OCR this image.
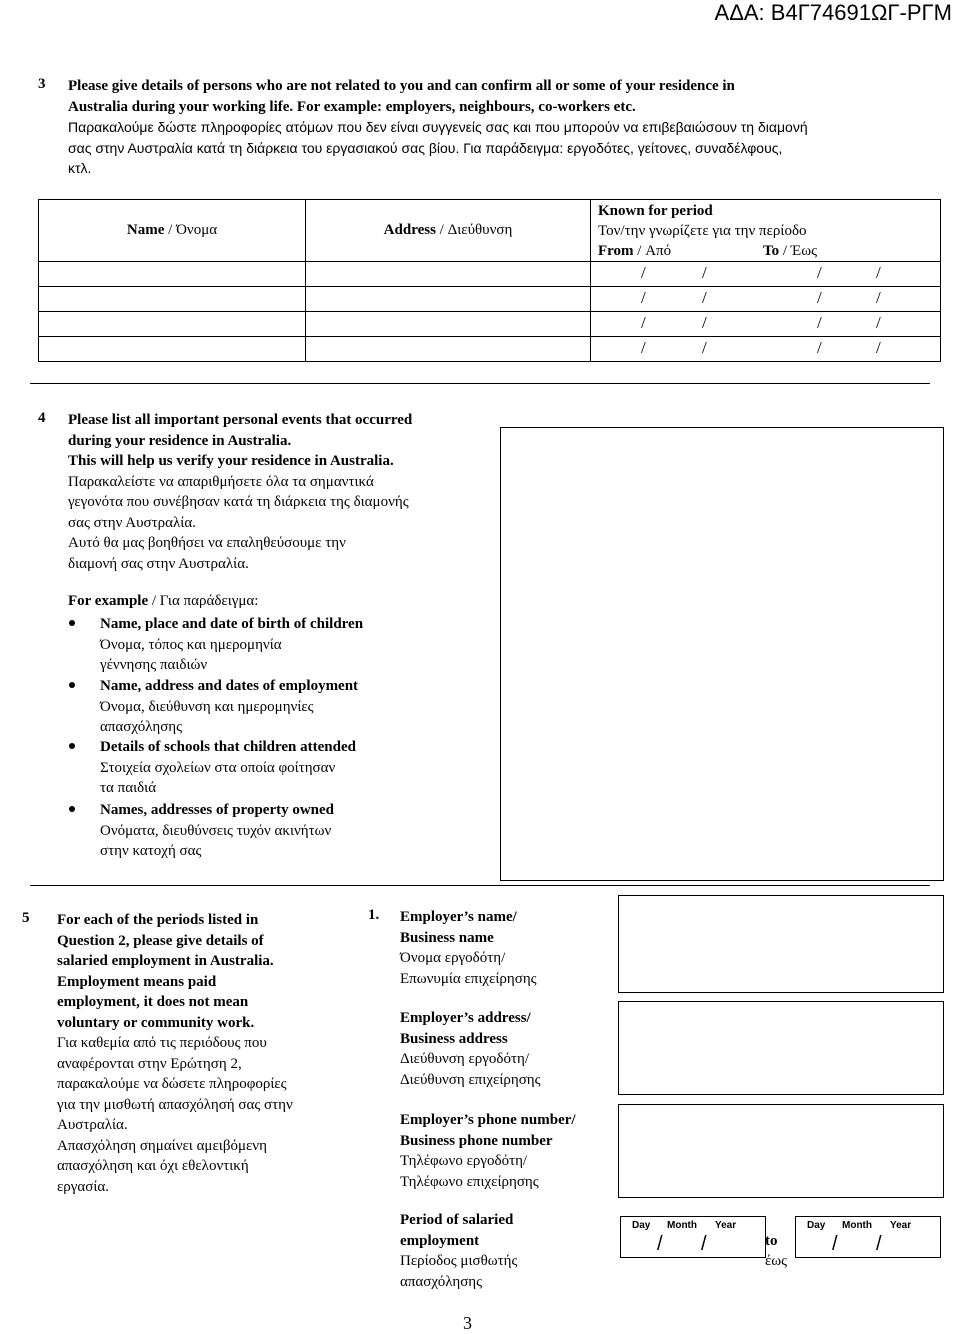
ΑΔΑ: Β4Γ74691ΩΓ-ΡΓΜ
3 Please give details of persons who are not related to you and can confirm all or some of your residence in
Australia during your working life. For example: employers, neighbours, co-workers etc.
Παρακαλούμε δώστε πληροφορίες ατόμων που δεν είναι συγγενείς σας και που μπορούν να επιβεβαιώσουν τη διαμονή
σας στην Αυστραλία κατά τη διάρκεια του εργασιακού σας βίου. Για παράδειγμα: εργοδότες, γείτονες, συναδέλφους,
κτλ.
Name / Όνομα	Address / Διεύθυνση	Known for period
Τον/την γνωρίζετε για την περίοδο
From / Από To / Έως

		/ / / /

		/ / / /

		/ / / /

		/ / / /
4 Please list all important personal events that occurred
during your residence in Australia.
This will help us verify your residence in Australia.
Παρακαλείστε να απαριθμήσετε όλα τα σημαντικά
γεγονότα που συνέβησαν κατά τη διάρκεια της διαμονής
σας στην Αυστραλία.
Αυτό θα μας βοηθήσει να επαληθεύσουμε την
διαμονή σας στην Αυστραλία.
For example / Για παράδειγμα:
Name, place and date of birth of children
Όνομα, τόπος και ημερομηνία
γέννησης παιδιών
Name, address and dates of employment
Όνομα, διεύθυνση και ημερομηνίες
απασχόλησης
Details of schools that children attended
Στοιχεία σχολείων στα οποία φοίτησαν
τα παιδιά
Names, addresses of property owned
Ονόματα, διευθύνσεις τυχόν ακινήτων
στην κατοχή σας
5 For each of the periods listed in
Question 2, please give details of
salaried employment in Australia.
Employment means paid
employment, it does not mean
voluntary or community work.
Για καθεμία από τις περιόδους που
αναφέρονται στην Ερώτηση 2,
παρακαλούμε να δώσετε πληροφορίες
για την μισθωτή απασχόλησή σας στην
Αυστραλία.
Απασχόληση σημαίνει αμειβόμενη
απασχόληση και όχι εθελοντική
εργασία.
1. Employer’s name/
Business name
Όνομα εργοδότη/
Επωνυμία επιχείρησης
Employer’s address/
Business address
Διεύθυνση εργοδότη/
Διεύθυνση επιχείρησης
Employer’s phone number/
Business phone number
Τηλέφωνο εργοδότη/
Τηλέφωνο επιχείρησης
Period of salaried
employment
Περίοδος μισθωτής
απασχόλησης
Day Month Year
/ /	to
έως
Day Month Year
/ /
3
